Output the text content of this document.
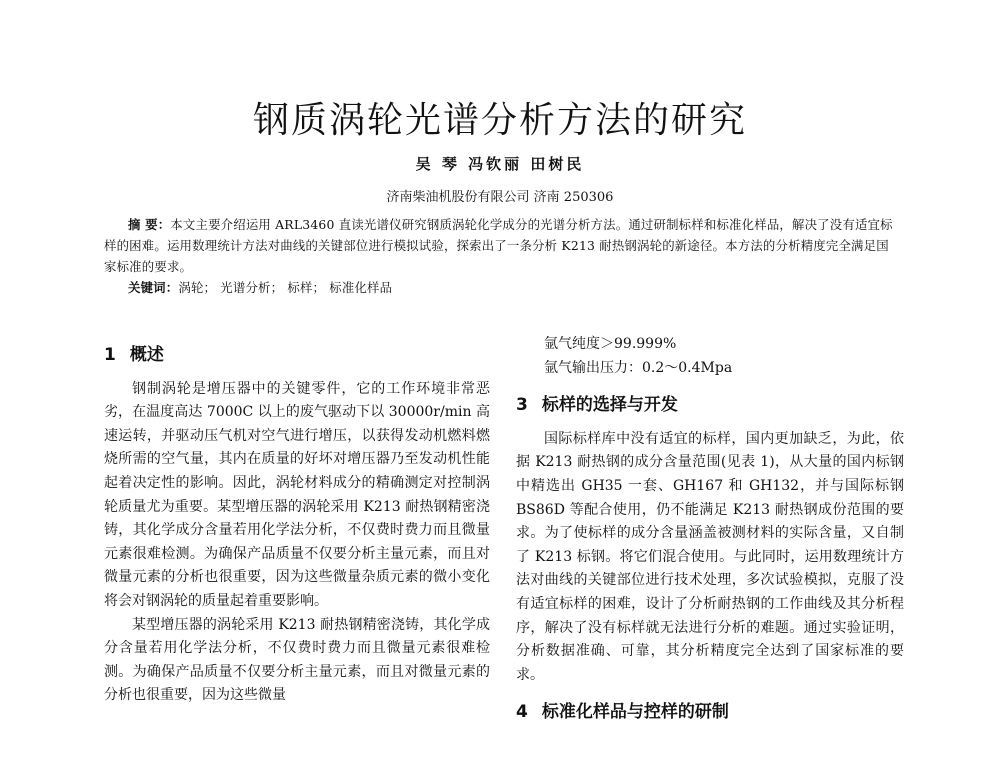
钢质涡轮光谱分析方法的研究
吴 琴 冯钦丽 田树民
济南柴油机股份有限公司 济南 250306

摘 要：本文主要介绍运用 ARL3460 直读光谱仪研究钢质涡轮化学成分的光谱分析方法。通过研制标样和标准化样品，解决了没有适宜标样的困难。运用数理统计方法对曲线的关键部位进行模拟试验，探索出了一条分析 K213 耐热钢涡轮的新途径。本方法的分析精度完全满足国家标准的要求。

关键词：涡轮； 光谱分析； 标样； 标准化样品

1 概述

钢制涡轮是增压器中的关键零件，它的工作环境非常恶劣，在温度高达 7000C 以上的废气驱动下以 30000r/min 高速运转，并驱动压气机对空气进行增压，以获得发动机燃料燃烧所需的空气量，其内在质量的好坏对增压器乃至发动机性能起着决定性的影响。因此，涡轮材料成分的精确测定对控制涡轮质量尤为重要。某型增压器的涡轮采用 K213 耐热钢精密浇铸，其化学成分含量若用化学法分析，不仅费时费力而且微量元素很难检测。为确保产品质量不仅要分析主量元素，而且对微量元素的分析也很重要，因为这些微量杂质元素的微小变化将会对钢涡轮的质量起着重要影响。

某型增压器的涡轮采用 K213 耐热钢精密浇铸，其化学成分含量若用化学法分析，不仅费时费力而且微量元素很难检测。为确保产品质量不仅要分析主量元素，而且对微量元素的分析也很重要，因为这些微量

氩气纯度＞99.999%

氩气输出压力：0.2～0.4Mpa

3 标样的选择与开发

国际标样库中没有适宜的标样，国内更加缺乏，为此，依据 K213 耐热钢的成分含量范围(见表 1)，从大量的国内标钢中精选出 GH35 一套、GH167 和 GH132，并与国际标钢 BS86D 等配合使用，仍不能满足 K213 耐热钢成份范围的要求。为了使标样的成分含量涵盖被测材料的实际含量，又自制了 K213 标钢。将它们混合使用。与此同时，运用数理统计方法对曲线的关键部位进行技术处理，多次试验模拟，克服了没有适宜标样的困难，设计了分析耐热钢的工作曲线及其分析程序，解决了没有标样就无法进行分析的难题。通过实验证明，分析数据准确、可靠，其分析精度完全达到了国家标准的要求。

4 标准化样品与控样的研制
